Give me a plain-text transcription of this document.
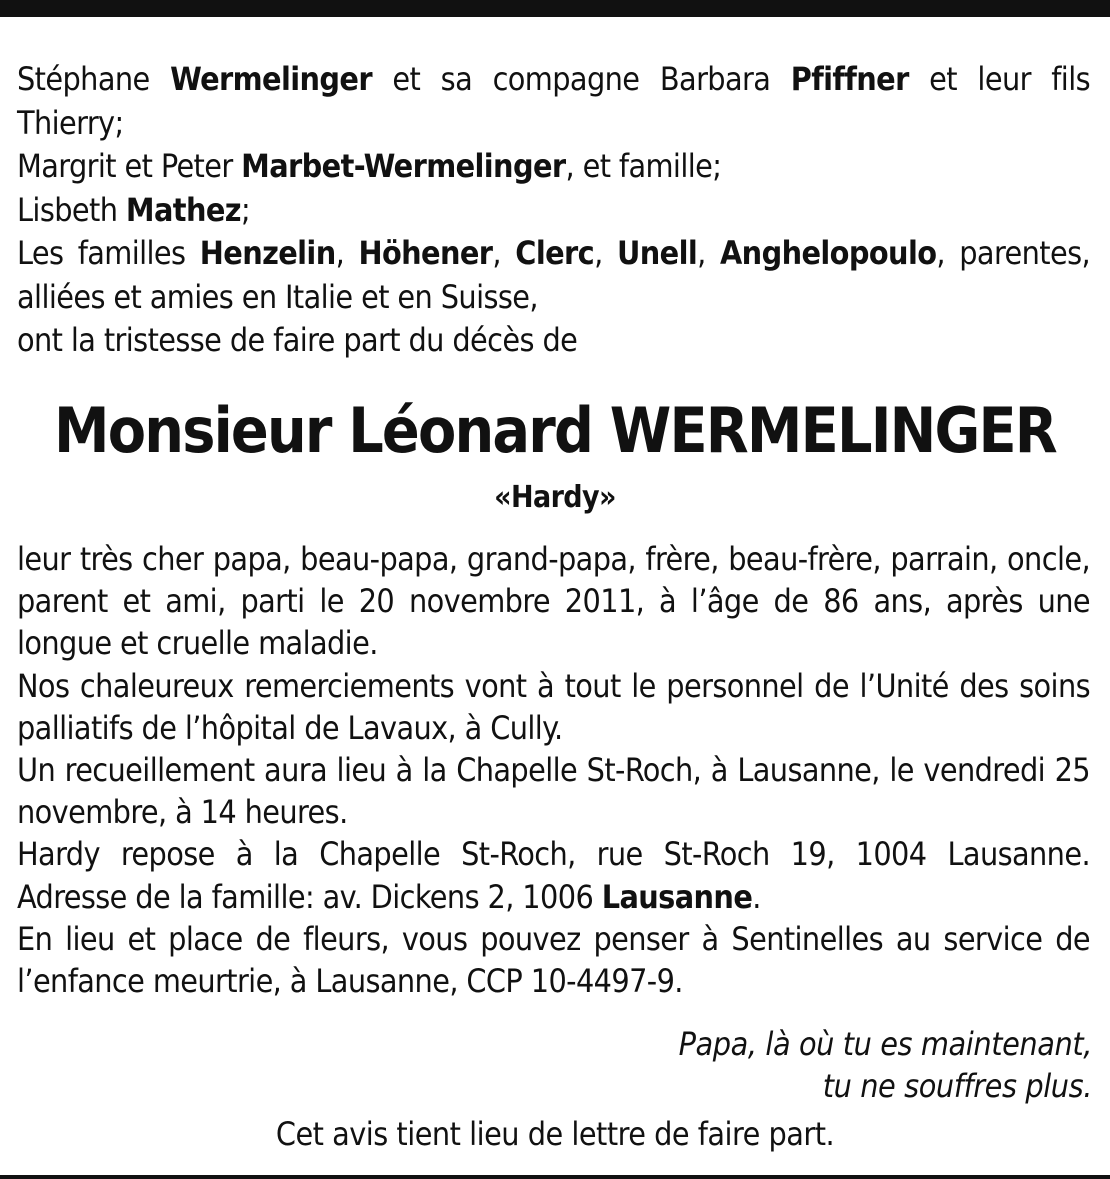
Stéphane Wermelinger et sa compagne Barbara Pfiffner et leur fils

Thierry;

Margrit et Peter Marbet-Wermelinger, et famille;

Lisbeth Mathez;

Les familles Henzelin, Höhener, Clerc, Unell, Anghelopoulo, parentes,

alliées et amies en Italie et en Suisse,

ont la tristesse de faire part du décès de

Monsieur Léonard WERMELINGER
«Hardy»

leur très cher papa, beau-papa, grand-papa, frère, beau-frère, parrain, oncle, parent et ami, parti le 20 novembre 2011, à l’âge de 86 ans, après une longue et cruelle maladie.

Nos chaleureux remerciements vont à tout le personnel de l’Unité des soins palliatifs de l’hôpital de Lavaux, à Cully.

Un recueillement aura lieu à la Chapelle St-Roch, à Lausanne, le vendredi 25 novembre, à 14 heures.

Hardy repose à la Chapelle St-Roch, rue St-Roch 19, 1004 Lausanne.

Adresse de la famille: av. Dickens 2, 1006 Lausanne.

En lieu et place de fleurs, vous pouvez penser à Sentinelles au service de l’enfance meurtrie, à Lausanne, CCP 10-4497-9.

Papa, là où tu es maintenant,
tu ne souffres plus.
Cet avis tient lieu de lettre de faire part.
